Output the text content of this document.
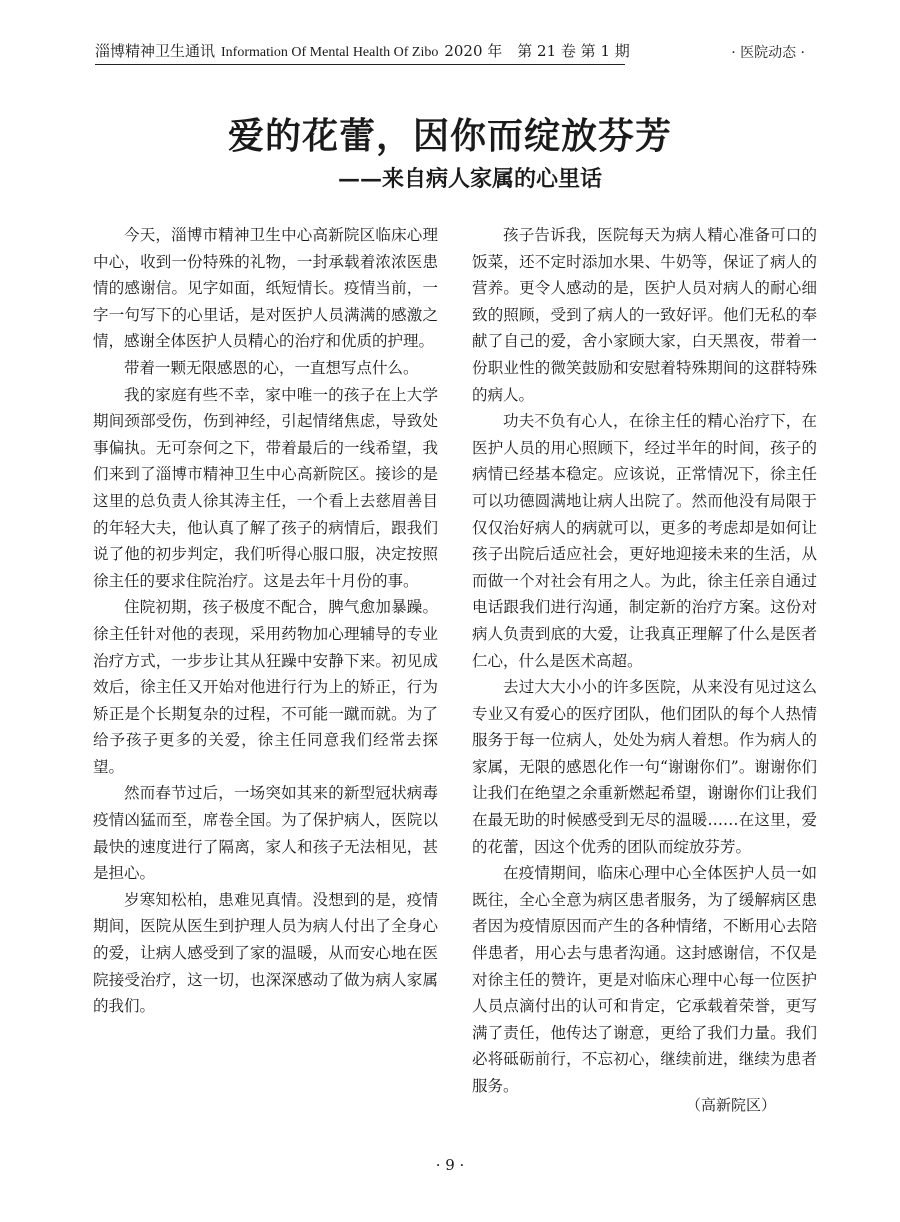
淄博精神卫生通讯 Information Of Mental Health Of Zibo 2020 年　第 21 卷 第 1 期	· 医院动态 ·
爱的花蕾，因你而绽放芬芳
——来自病人家属的心里话

今天，淄博市精神卫生中心高新院区临床心理中心，收到一份特殊的礼物，一封承载着浓浓医患情的感谢信。见字如面，纸短情长。疫情当前，一字一句写下的心里话，是对医护人员满满的感激之情，感谢全体医护人员精心的治疗和优质的护理。

带着一颗无限感恩的心，一直想写点什么。

我的家庭有些不幸，家中唯一的孩子在上大学期间颈部受伤，伤到神经，引起情绪焦虑，导致处事偏执。无可奈何之下，带着最后的一线希望，我们来到了淄博市精神卫生中心高新院区。接诊的是这里的总负责人徐其涛主任，一个看上去慈眉善目的年轻大夫，他认真了解了孩子的病情后，跟我们说了他的初步判定，我们听得心服口服，决定按照徐主任的要求住院治疗。这是去年十月份的事。

住院初期，孩子极度不配合，脾气愈加暴躁。徐主任针对他的表现，采用药物加心理辅导的专业治疗方式，一步步让其从狂躁中安静下来。初见成效后，徐主任又开始对他进行行为上的矫正，行为矫正是个长期复杂的过程，不可能一蹴而就。为了给予孩子更多的关爱，徐主任同意我们经常去探望。

然而春节过后，一场突如其来的新型冠状病毒疫情凶猛而至，席卷全国。为了保护病人，医院以最快的速度进行了隔离，家人和孩子无法相见，甚是担心。

岁寒知松柏，患难见真情。没想到的是，疫情期间，医院从医生到护理人员为病人付出了全身心的爱，让病人感受到了家的温暖，从而安心地在医院接受治疗，这一切，也深深感动了做为病人家属的我们。

孩子告诉我，医院每天为病人精心准备可口的饭菜，还不定时添加水果、牛奶等，保证了病人的营养。更令人感动的是，医护人员对病人的耐心细致的照顾，受到了病人的一致好评。他们无私的奉献了自己的爱，舍小家顾大家，白天黑夜，带着一份职业性的微笑鼓励和安慰着特殊期间的这群特殊的病人。

功夫不负有心人，在徐主任的精心治疗下，在医护人员的用心照顾下，经过半年的时间，孩子的病情已经基本稳定。应该说，正常情况下，徐主任可以功德圆满地让病人出院了。然而他没有局限于仅仅治好病人的病就可以，更多的考虑却是如何让孩子出院后适应社会，更好地迎接未来的生活，从而做一个对社会有用之人。为此，徐主任亲自通过电话跟我们进行沟通，制定新的治疗方案。这份对病人负责到底的大爱，让我真正理解了什么是医者仁心，什么是医术高超。

去过大大小小的许多医院，从来没有见过这么专业又有爱心的医疗团队，他们团队的每个人热情服务于每一位病人，处处为病人着想。作为病人的家属，无限的感恩化作一句“谢谢你们”。谢谢你们让我们在绝望之余重新燃起希望，谢谢你们让我们在最无助的时候感受到无尽的温暖……在这里，爱的花蕾，因这个优秀的团队而绽放芬芳。

在疫情期间，临床心理中心全体医护人员一如既往，全心全意为病区患者服务，为了缓解病区患者因为疫情原因而产生的各种情绪，不断用心去陪伴患者，用心去与患者沟通。这封感谢信，不仅是对徐主任的赞许，更是对临床心理中心每一位医护人员点滴付出的认可和肯定，它承载着荣誉，更写满了责任，他传达了谢意，更给了我们力量。我们必将砥砺前行，不忘初心，继续前进，继续为患者服务。

（高新院区）
· 9 ·
